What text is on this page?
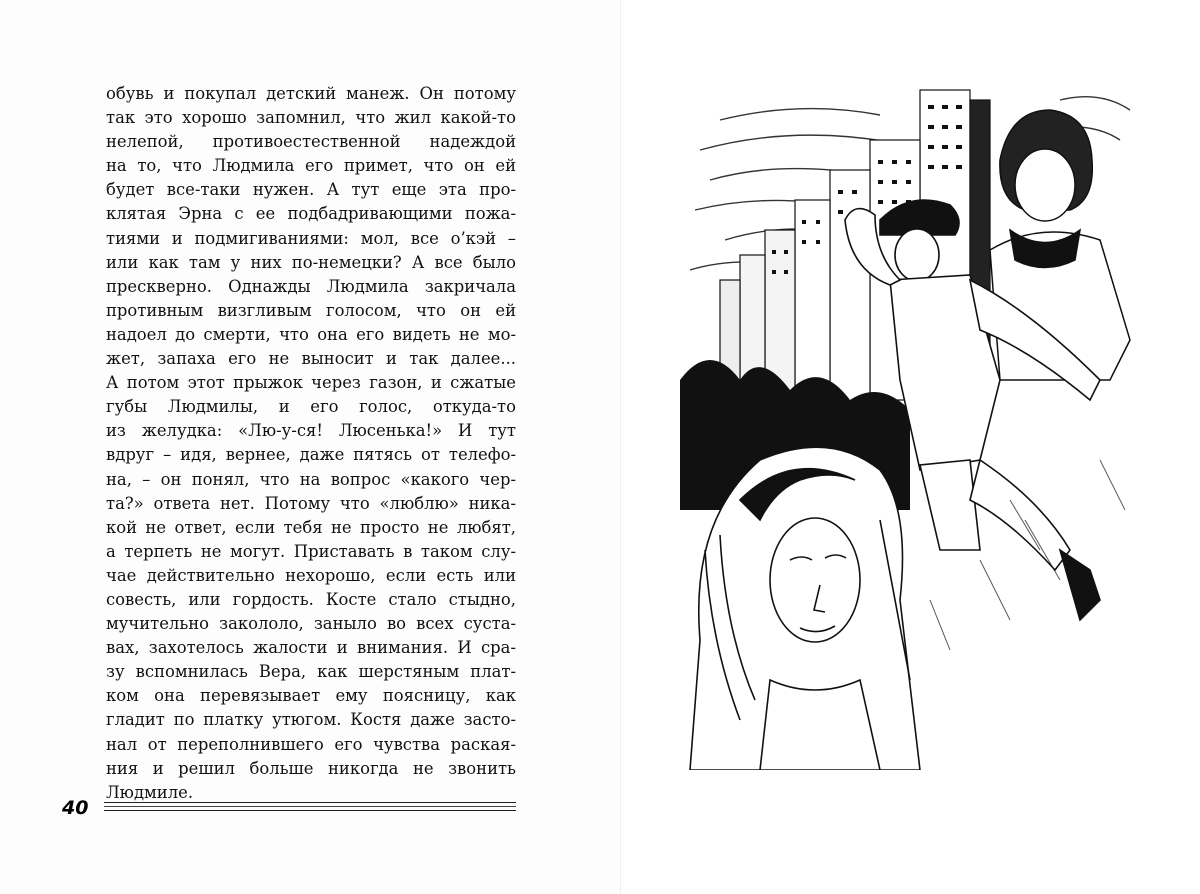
обувь и покупал детский манеж. Он потому
так это хорошо запомнил, что жил какой-то
нелепой, противоестественной надеждой
на то, что Людмила его примет, что он ей
будет все-таки нужен. А тут еще эта про-
клятая Эрна с ее подбадривающими пожа-
тиями и подмигиваниями: мол, все о’кэй –
или как там у них по-немецки? А все было
прескверно. Однажды Людмила закричала
противным визгливым голосом, что он ей
надоел до смерти, что она его видеть не мо-
жет, запаха его не выносит и так далее...
А потом этот прыжок через газон, и сжатые
губы Людмилы, и его голос, откуда-то
из желудка: «Лю-у-ся! Люсенька!» И тут
вдруг – идя, вернее, даже пятясь от телефо-
на, – он понял, что на вопрос «какого чер-
та?» ответа нет. Потому что «люблю» ника-
кой не ответ, если тебя не просто не любят,
а терпеть не могут. Приставать в таком слу-
чае действительно нехорошо, если есть или
совесть, или гордость. Косте стало стыдно,
мучительно закололо, заныло во всех суста-
вах, захотелось жалости и внимания. И сра-
зу вспомнилась Вера, как шерстяным плат-
ком она перевязывает ему поясницу, как
гладит по платку утюгом. Костя даже засто-
нал от переполнившего его чувства раская-
ния и решил больше никогда не звонить
Людмиле.
40
